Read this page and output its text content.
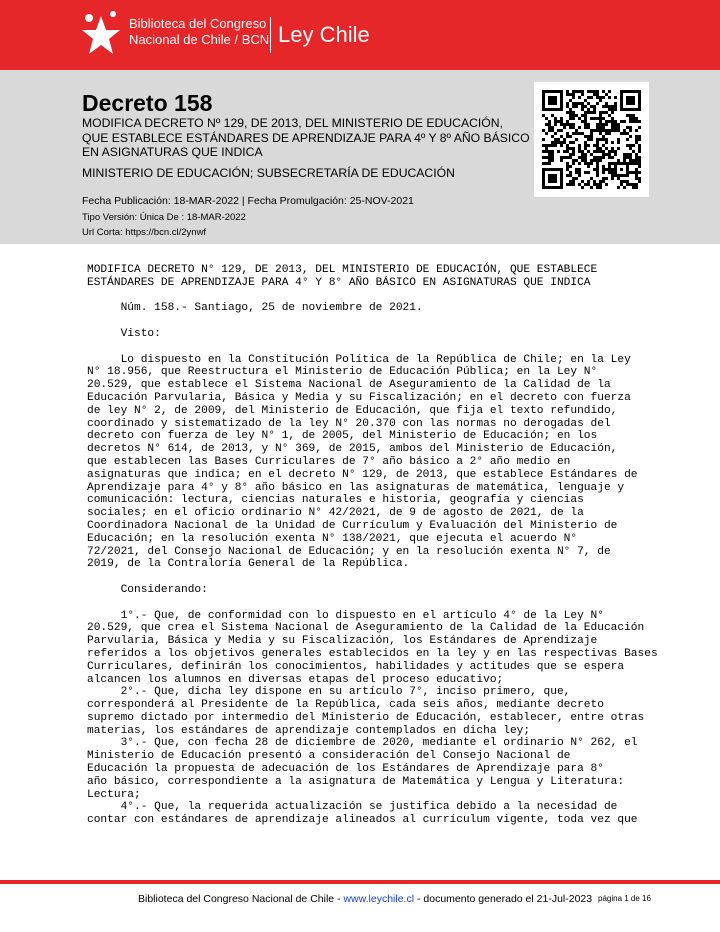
Biblioteca del Congreso
Nacional de Chile / BCN Ley Chile
Decreto 158
MODIFICA DECRETO Nº 129, DE 2013, DEL MINISTERIO DE EDUCACIÓN, QUE ESTABLECE ESTÁNDARES DE APRENDIZAJE PARA 4º Y 8º AÑO BÁSICO EN ASIGNATURAS QUE INDICA
MINISTERIO DE EDUCACIÓN; SUBSECRETARÍA DE EDUCACIÓN
Fecha Publicación: 18-MAR-2022 | Fecha Promulgación: 25-NOV-2021
Tipo Versión: Única De : 18-MAR-2022
Url Corta: https://bcn.cl/2ynwf
MODIFICA DECRETO N° 129, DE 2013, DEL MINISTERIO DE EDUCACIÓN, QUE ESTABLECE
ESTÁNDARES DE APRENDIZAJE PARA 4° Y 8° AÑO BÁSICO EN ASIGNATURAS QUE INDICA

Núm. 158.- Santiago, 25 de noviembre de 2021.

Visto:

Lo dispuesto en la Constitución Política de la República de Chile; en la Ley
N° 18.956, que Reestructura el Ministerio de Educación Pública; en la Ley N°
20.529, que establece el Sistema Nacional de Aseguramiento de la Calidad de la
Educación Parvularia, Básica y Media y su Fiscalización; en el decreto con fuerza
de ley N° 2, de 2009, del Ministerio de Educación, que fija el texto refundido,
coordinado y sistematizado de la ley N° 20.370 con las normas no derogadas del
decreto con fuerza de ley N° 1, de 2005, del Ministerio de Educación; en los
decretos N° 614, de 2013, y N° 369, de 2015, ambos del Ministerio de Educación,
que establecen las Bases Curriculares de 7° año básico a 2° año medio en
asignaturas que indica; en el decreto N° 129, de 2013, que establece Estándares de
Aprendizaje para 4° y 8° año básico en las asignaturas de matemática, lenguaje y
comunicación: lectura, ciencias naturales e historia, geografía y ciencias
sociales; en el oficio ordinario N° 42/2021, de 9 de agosto de 2021, de la
Coordinadora Nacional de la Unidad de Currículum y Evaluación del Ministerio de
Educación; en la resolución exenta N° 138/2021, que ejecuta el acuerdo N°
72/2021, del Consejo Nacional de Educación; y en la resolución exenta N° 7, de
2019, de la Contraloría General de la República.

Considerando:

1°.- Que, de conformidad con lo dispuesto en el artículo 4° de la Ley N°
20.529, que crea el Sistema Nacional de Aseguramiento de la Calidad de la Educación
Parvularia, Básica y Media y su Fiscalización, los Estándares de Aprendizaje
referidos a los objetivos generales establecidos en la ley y en las respectivas Bases
Curriculares, definirán los conocimientos, habilidades y actitudes que se espera
alcancen los alumnos en diversas etapas del proceso educativo;
2°.- Que, dicha ley dispone en su artículo 7°, inciso primero, que,
corresponderá al Presidente de la República, cada seis años, mediante decreto
supremo dictado por intermedio del Ministerio de Educación, establecer, entre otras
materias, los estándares de aprendizaje contemplados en dicha ley;
3°.- Que, con fecha 28 de diciembre de 2020, mediante el ordinario N° 262, el
Ministerio de Educación presentó a consideración del Consejo Nacional de
Educación la propuesta de adecuación de los Estándares de Aprendizaje para 8°
año básico, correspondiente a la asignatura de Matemática y Lengua y Literatura:
Lectura;
4°.- Que, la requerida actualización se justifica debido a la necesidad de
contar con estándares de aprendizaje alineados al currículum vigente, toda vez que
Biblioteca del Congreso Nacional de Chile - www.leychile.cl - documento generado el 21-Jul-2023 página 1 de 16
